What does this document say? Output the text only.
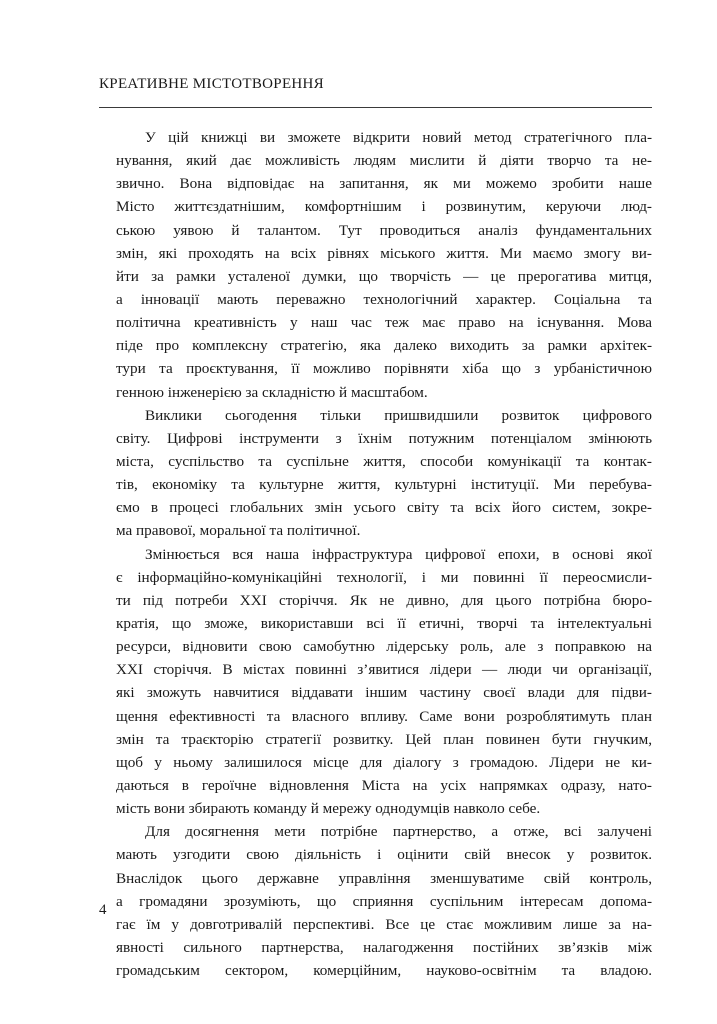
КРЕАТИВНЕ МІСТОТВОРЕННЯ
У цій книжці ви зможете відкрити новий метод стратегічного пла-
нування, який дає можливість людям мислити й діяти творчо та не-
звично. Вона відповідає на запитання, як ми можемо зробити наше
Місто життєздатнішим, комфортнішим і розвинутим, керуючи люд-
ською уявою й талантом. Тут проводиться аналіз фундаментальних
змін, які проходять на всіх рівнях міського життя. Ми маємо змогу ви-
йти за рамки усталеної думки, що творчість — це прерогатива митця,
а інновації мають переважно технологічний характер. Соціальна та
політична креативність у наш час теж має право на існування. Мова
піде про комплексну стратегію, яка далеко виходить за рамки архітек-
тури та проєктування, її можливо порівняти хіба що з урбаністичною
генною інженерією за складністю й масштабом.
Виклики сьогодення тільки пришвидшили розвиток цифрового
світу. Цифрові інструменти з їхнім потужним потенціалом змінюють
міста, суспільство та суспільне життя, способи комунікації та контак-
тів, економіку та культурне життя, культурні інституції. Ми перебува-
ємо в процесі глобальних змін усього світу та всіх його систем, зокре-
ма правової, моральної та політичної.
Змінюється вся наша інфраструктура цифрової епохи, в основі якої
є інформаційно-комунікаційні технології, і ми повинні її переосмисли-
ти під потреби XXI сторіччя. Як не дивно, для цього потрібна бюро-
кратія, що зможе, використавши всі її етичні, творчі та інтелектуальні
ресурси, відновити свою самобутню лідерську роль, але з поправкою на
XXI сторіччя. В містах повинні з’явитися лідери — люди чи організації,
які зможуть навчитися віддавати іншим частину своєї влади для підви-
щення ефективності та власного впливу. Саме вони розроблятимуть план
змін та траєкторію стратегії розвитку. Цей план повинен бути гнучким,
щоб у ньому залишилося місце для діалогу з громадою. Лідери не ки-
даються в героїчне відновлення Міста на усіх напрямках одразу, нато-
мість вони збирають команду й мережу однодумців навколо себе.
Для досягнення мети потрібне партнерство, а отже, всі залучені
мають узгодити свою діяльність і оцінити свій внесок у розвиток.
Внаслідок цього державне управління зменшуватиме свій контроль,
а громадяни зрозуміють, що сприяння суспільним інтересам допома-
гає їм у довготривалій перспективі. Все це стає можливим лише за на-
явності сильного партнерства, налагодження постійних зв’язків між
громадським сектором, комерційним, науково-освітнім та владою.
4
